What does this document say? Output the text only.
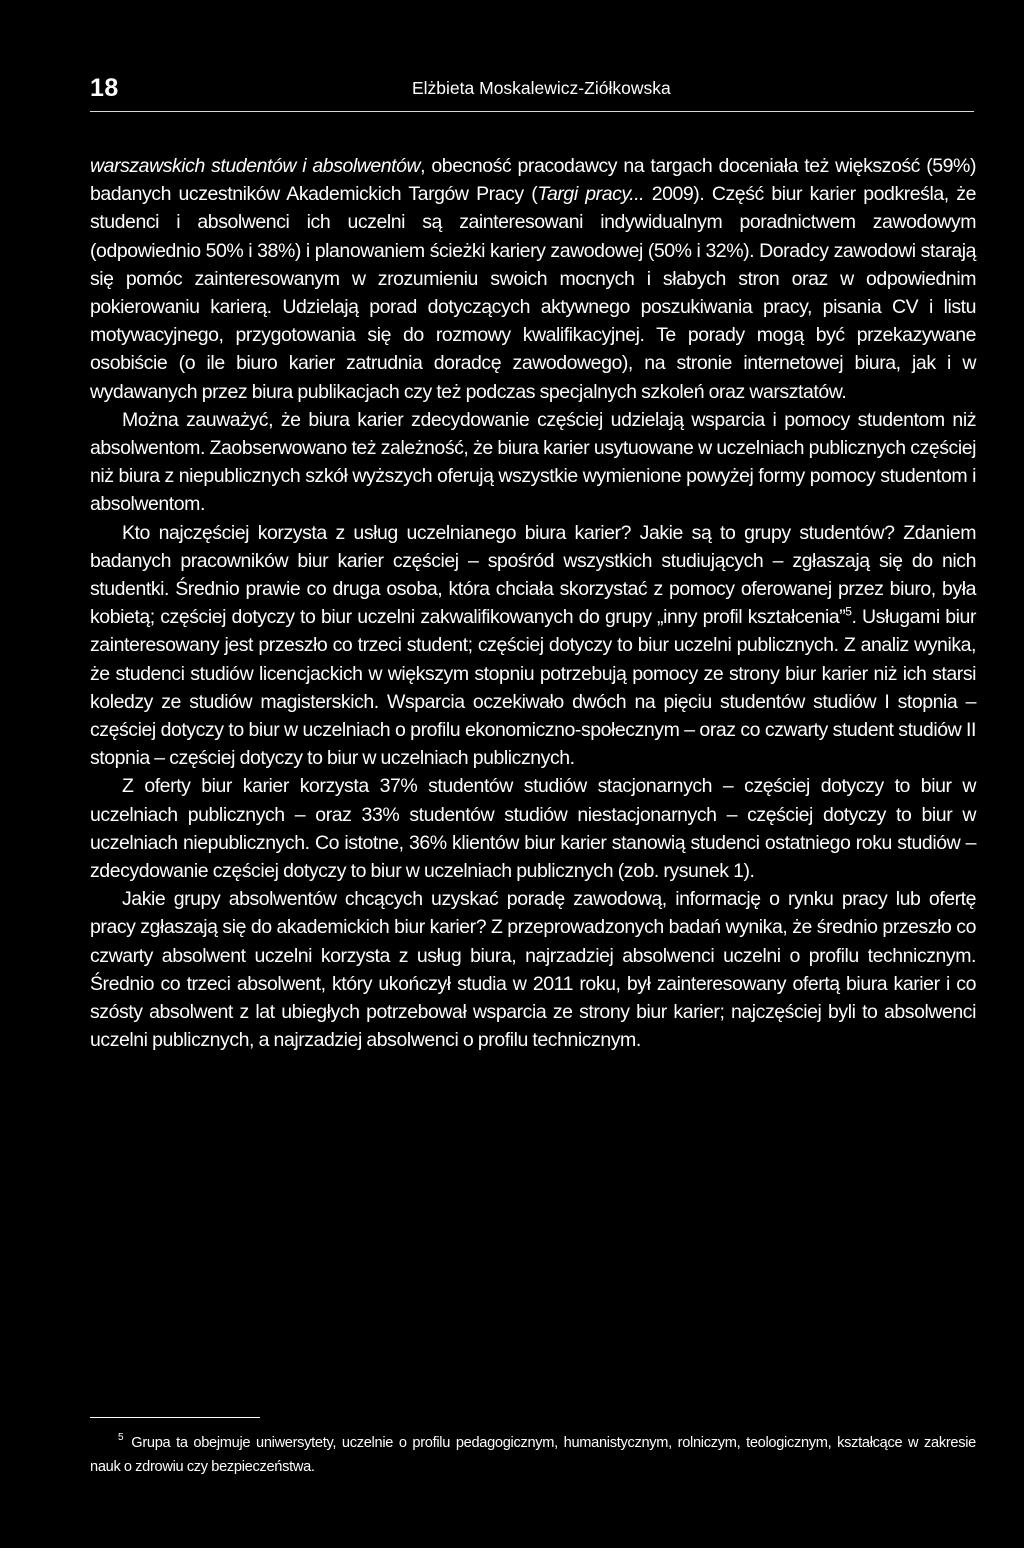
18	Elżbieta Moskalewicz-Ziółkowska

warszawskich studentów i absolwentów, obecność pracodawcy na targach doceniała też większość (59%) badanych uczestników Akademickich Targów Pracy (Targi pracy... 2009). Część biur karier podkreśla, że studenci i absolwenci ich uczelni są zainteresowani indywidualnym poradnictwem zawodowym (odpowiednio 50% i 38%) i planowaniem ścieżki kariery zawodowej (50% i 32%). Doradcy zawodowi starają się pomóc zainteresowanym w zrozumieniu swoich mocnych i słabych stron oraz w odpowiednim pokierowaniu karierą. Udzielają porad dotyczących aktywnego poszukiwania pracy, pisania CV i listu motywacyjnego, przygotowania się do rozmowy kwalifikacyjnej. Te porady mogą być przekazywane osobiście (o ile biuro karier zatrudnia doradcę zawodowego), na stronie internetowej biura, jak i w wydawanych przez biura publikacjach czy też podczas specjalnych szkoleń oraz warsztatów.

Można zauważyć, że biura karier zdecydowanie częściej udzielają wsparcia i pomocy studentom niż absolwentom. Zaobserwowano też zależność, że biura karier usytuowane w uczelniach publicznych częściej niż biura z niepublicznych szkół wyższych oferują wszystkie wymienione powyżej formy pomocy studentom i absolwentom.

Kto najczęściej korzysta z usług uczelnianego biura karier? Jakie są to grupy studentów? Zdaniem badanych pracowników biur karier częściej – spośród wszystkich studiujących – zgłaszają się do nich studentki. Średnio prawie co druga osoba, która chciała skorzystać z pomocy oferowanej przez biuro, była kobietą; częściej dotyczy to biur uczelni zakwalifikowanych do grupy „inny profil kształcenia”$^5$. Usługami biur zainteresowany jest przeszło co trzeci student; częściej dotyczy to biur uczelni publicznych. Z analiz wynika, że studenci studiów licencjackich w większym stopniu potrzebują pomocy ze strony biur karier niż ich starsi koledzy ze studiów magisterskich. Wsparcia oczekiwało dwóch na pięciu studentów studiów I stopnia – częściej dotyczy to biur w uczelniach o profilu ekonomiczno-społecznym – oraz co czwarty student studiów II stopnia – częściej dotyczy to biur w uczelniach publicznych.

Z oferty biur karier korzysta 37% studentów studiów stacjonarnych – częściej dotyczy to biur w uczelniach publicznych – oraz 33% studentów studiów niestacjonarnych – częściej dotyczy to biur w uczelniach niepublicznych. Co istotne, 36% klientów biur karier stanowią studenci ostatniego roku studiów – zdecydowanie częściej dotyczy to biur w uczelniach publicznych (zob. rysunek 1).

Jakie grupy absolwentów chcących uzyskać poradę zawodową, informację o rynku pracy lub ofertę pracy zgłaszają się do akademickich biur karier? Z przeprowadzonych badań wynika, że średnio przeszło co czwarty absolwent uczelni korzysta z usług biura, najrzadziej absolwenci uczelni o profilu technicznym. Średnio co trzeci absolwent, który ukończył studia w 2011 roku, był zainteresowany ofertą biura karier i co szósty absolwent z lat ubiegłych potrzebował wsparcia ze strony biur karier; najczęściej byli to absolwenci uczelni publicznych, a najrzadziej absolwenci o profilu technicznym.

5 Grupa ta obejmuje uniwersytety, uczelnie o profilu pedagogicznym, humanistycznym, rolniczym, teologicznym, kształcące w zakresie nauk o zdrowiu czy bezpieczeństwa.
